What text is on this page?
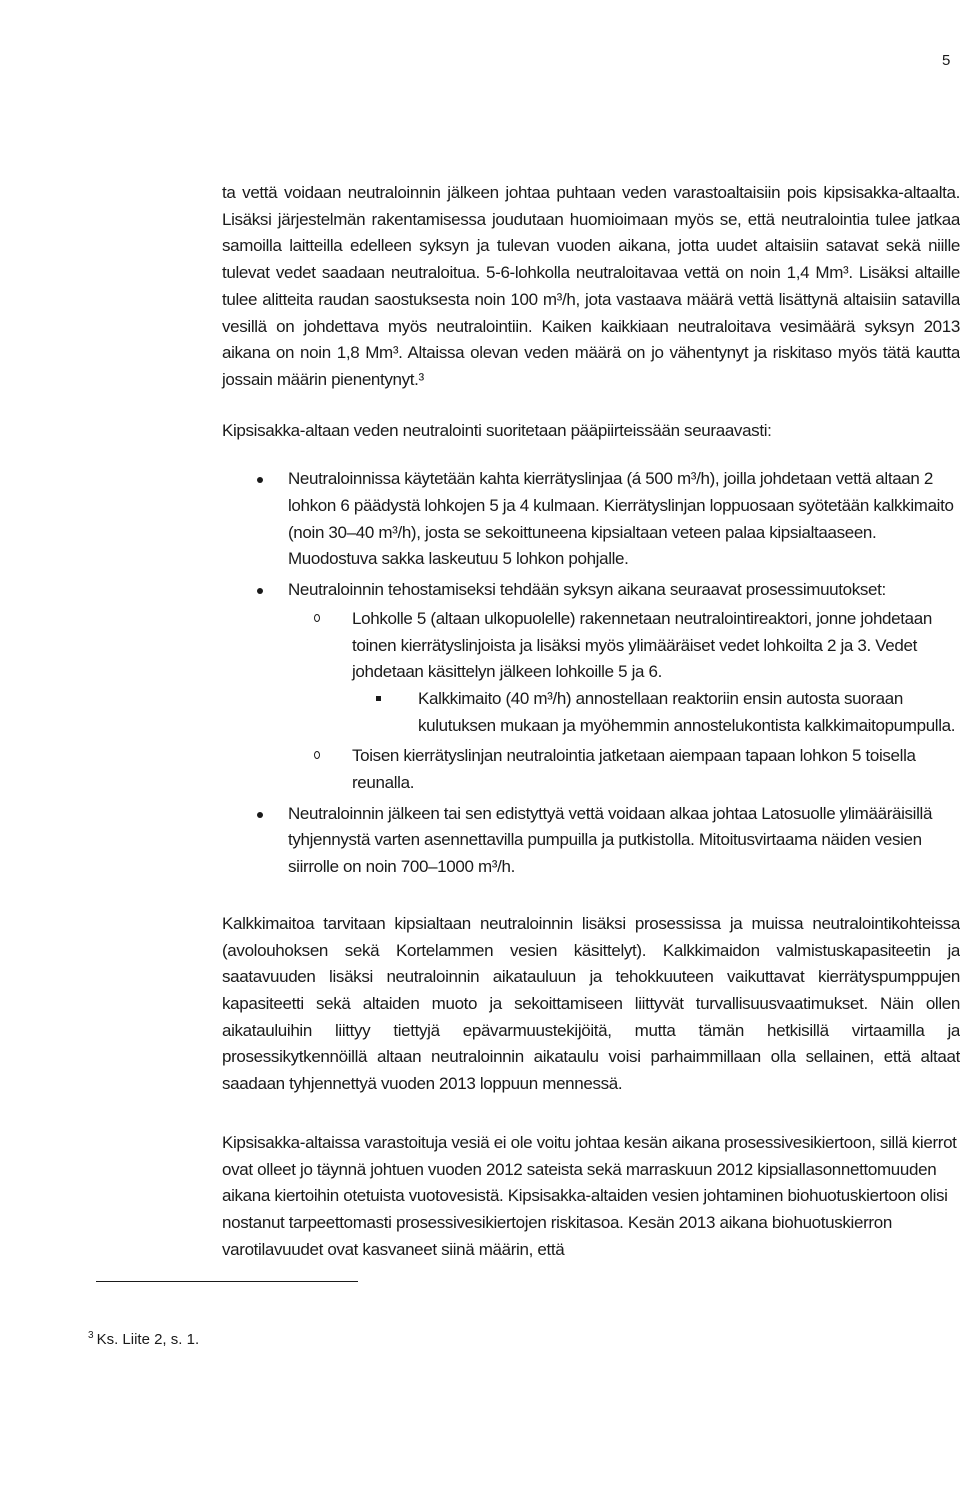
5

ta vettä voidaan neutraloinnin jälkeen johtaa puhtaan veden varastoaltaisiin pois kipsisakka-altaalta. Lisäksi järjestelmän rakentamisessa joudutaan huomioimaan myös se, että neutralointia tulee jatkaa samoilla laitteilla edelleen syksyn ja tulevan vuoden aikana, jotta uudet altaisiin satavat sekä niille tulevat vedet saadaan neutraloitua. 5-6-lohkolla neutraloitavaa vettä on noin 1,4 Mm³. Lisäksi altaille tulee alitteita raudan saostuksesta noin 100 m³/h, jota vastaava määrä vettä lisättynä altaisiin satavilla vesillä on johdettava myös neutralointiin. Kaiken kaikkiaan neutraloitava vesimäärä syksyn 2013 aikana on noin 1,8 Mm³. Altaissa olevan veden määrä on jo vähentynyt ja riskitaso myös tätä kautta jossain määrin pienentynyt.³

Kipsisakka-altaan veden neutralointi suoritetaan pääpiirteissään seuraavasti:

Neutraloinnissa käytetään kahta kierrätyslinjaa (á 500 m³/h), joilla johdetaan vettä altaan 2 lohkon 6 päädystä lohkojen 5 ja 4 kulmaan. Kierrätyslinjan loppuosaan syötetään kalkkimaito (noin 30–40 m³/h), josta se sekoittuneena kipsialtaan veteen palaa kipsialtaaseen. Muodostuva sakka laskeutuu 5 lohkon pohjalle.
Neutraloinnin tehostamiseksi tehdään syksyn aikana seuraavat prosessimuutokset:
Lohkolle 5 (altaan ulkopuolelle) rakennetaan neutralointireaktori, jonne johdetaan toinen kierrätyslinjoista ja lisäksi myös ylimääräiset vedet lohkoilta 2 ja 3. Vedet johdetaan käsittelyn jälkeen lohkoille 5 ja 6.
Kalkkimaito (40 m³/h) annostellaan reaktoriin ensin autosta suoraan kulutuksen mukaan ja myöhemmin annostelukontista kalkkimaitopumpulla.
Toisen kierrätyslinjan neutralointia jatketaan aiempaan tapaan lohkon 5 toisella reunalla.
Neutraloinnin jälkeen tai sen edistyttyä vettä voidaan alkaa johtaa Latosuolle ylimääräisillä tyhjennystä varten asennettavilla pumpuilla ja putkistolla. Mitoitusvirtaama näiden vesien siirrolle on noin 700–1000 m³/h.

Kalkkimaitoa tarvitaan kipsialtaan neutraloinnin lisäksi prosessissa ja muissa neutralointikohteissa (avolouhoksen sekä Kortelammen vesien käsittelyt). Kalkkimaidon valmistuskapasiteetin ja saatavuuden lisäksi neutraloinnin aikatauluun ja tehokkuuteen vaikuttavat kierrätyspumppujen kapasiteetti sekä altaiden muoto ja sekoittamiseen liittyvät turvallisuusvaatimukset. Näin ollen aikatauluihin liittyy tiettyjä epävarmuustekijöitä, mutta tämän hetkisillä virtaamilla ja prosessikytkennöillä altaan neutraloinnin aikataulu voisi parhaimmillaan olla sellainen, että altaat saadaan tyhjennettyä vuoden 2013 loppuun mennessä.

Kipsisakka-altaissa varastoituja vesiä ei ole voitu johtaa kesän aikana prosessivesikiertoon, sillä kierrot ovat olleet jo täynnä johtuen vuoden 2012 sateista sekä marraskuun 2012 kipsiallasonnettomuuden aikana kiertoihin otetuista vuotovesistä. Kipsisakka-altaiden vesien johtaminen biohuotuskiertoon olisi nostanut tarpeettomasti prosessivesikiertojen riskitasoa. Kesän 2013 aikana biohuotuskierron varotilavuudet ovat kasvaneet siinä määrin, että

$^3$ Ks. Liite 2, s. 1.
